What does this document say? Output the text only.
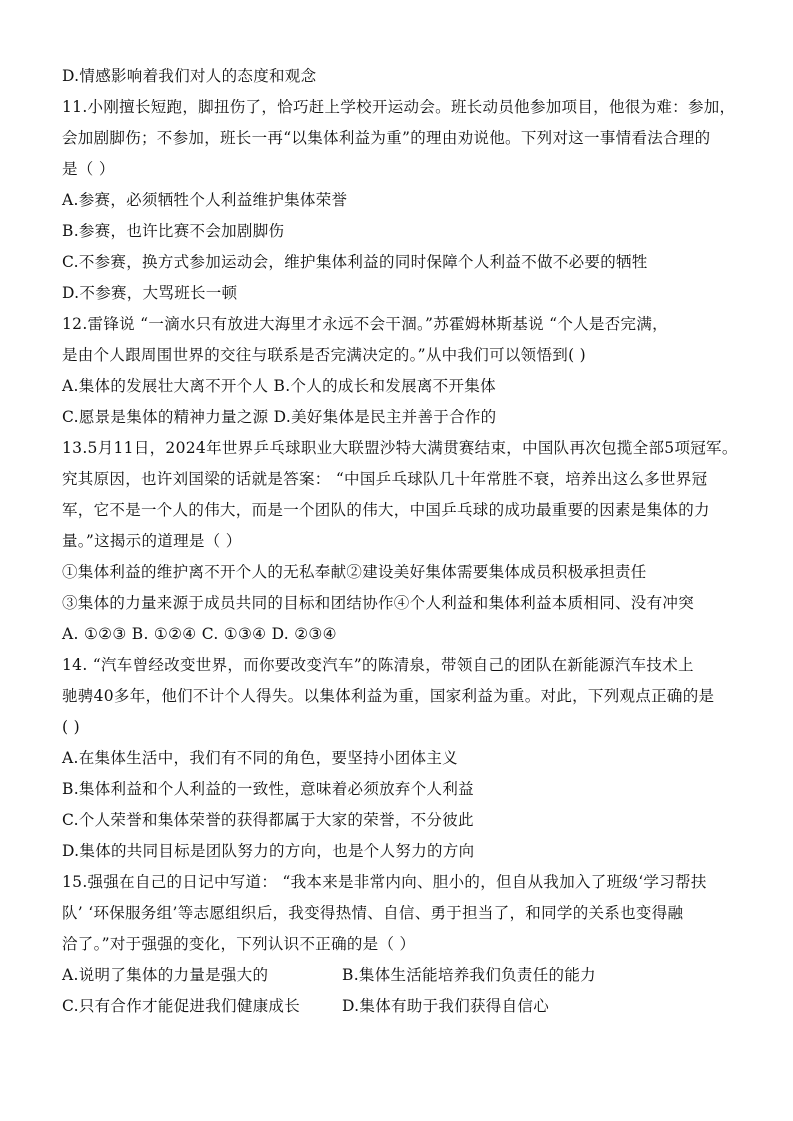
D.情感影响着我们对人的态度和观念
11.小刚擅长短跑，脚扭伤了，恰巧赶上学校开运动会。班长动员他参加项目，他很为难：参加，
会加剧脚伤；不参加，班长一再“以集体利益为重”的理由劝说他。下列对这一事情看法合理的
是（ ）
A.参赛，必须牺牲个人利益维护集体荣誉
B.参赛，也许比赛不会加剧脚伤
C.不参赛，换方式参加运动会，维护集体利益的同时保障个人利益不做不必要的牺牲
D.不参赛，大骂班长一顿
12.雷锋说 “一滴水只有放进大海里才永远不会干涸。”苏霍姆林斯基说 “个人是否完满，
是由个人跟周围世界的交往与联系是否完满决定的。”从中我们可以领悟到( )
A.集体的发展壮大离不开个人 B.个人的成长和发展离不开集体
C.愿景是集体的精神力量之源 D.美好集体是民主并善于合作的
13.5月11日，2024年世界乒乓球职业大联盟沙特大满贯赛结束，中国队再次包揽全部5项冠军。
究其原因，也许刘国梁的话就是答案： “中国乒乓球队几十年常胜不衰，培养出这么多世界冠
军，它不是一个人的伟大，而是一个团队的伟大，中国乒乓球的成功最重要的因素是集体的力
量。”这揭示的道理是（ ）
①集体利益的维护离不开个人的无私奉献②建设美好集体需要集体成员积极承担责任
③集体的力量来源于成员共同的目标和团结协作④个人利益和集体利益本质相同、没有冲突
A. ①②③ B. ①②④ C. ①③④ D. ②③④
14. “汽车曾经改变世界，而你要改变汽车”的陈清泉，带领自己的团队在新能源汽车技术上
驰骋40多年，他们不计个人得失。以集体利益为重，国家利益为重。对此，下列观点正确的是
( )
A.在集体生活中，我们有不同的角色，要坚持小团体主义
B.集体利益和个人利益的一致性，意味着必须放弃个人利益
C.个人荣誉和集体荣誉的获得都属于大家的荣誉，不分彼此
D.集体的共同目标是团队努力的方向，也是个人努力的方向
15.强强在自己的日记中写道： “我本来是非常内向、胆小的，但自从我加入了班级‘学习帮扶
队’ ‘环保服务组’等志愿组织后，我变得热情、自信、勇于担当了，和同学的关系也变得融
洽了。”对于强强的变化，下列认识不正确的是（ ）
A.说明了集体的力量是强大的	B.集体生活能培养我们负责任的能力
C.只有合作才能促进我们健康成长	D.集体有助于我们获得自信心
